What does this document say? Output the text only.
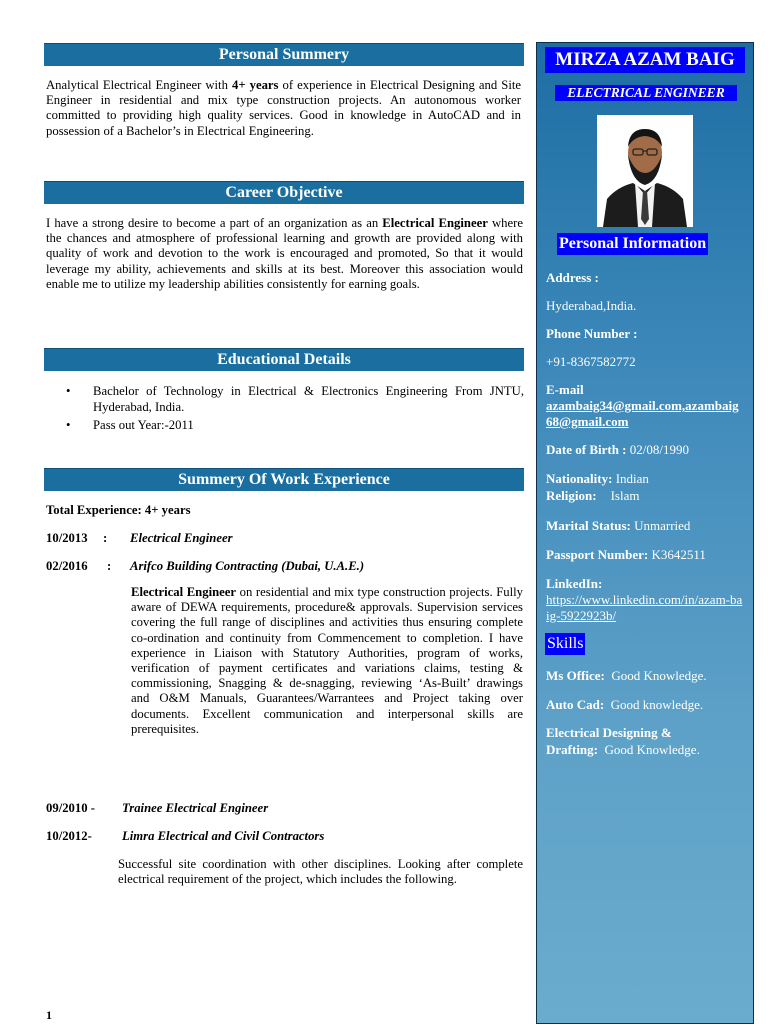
Personal Summery

Analytical Electrical Engineer with 4+ years of experience in Electrical Designing and Site Engineer in residential and mix type construction projects. An autonomous worker committed to providing high quality services. Good in knowledge in AutoCAD and in possession of a Bachelor’s in Electrical Engineering.

Career Objective

I have a strong desire to become a part of an organization as an Electrical Engineer where the chances and atmosphere of professional learning and growth are provided along with quality of work and devotion to the work is encouraged and promoted, So that it would leverage my ability, achievements and skills at its best. Moreover this association would enable me to utilize my leadership abilities consistently for earning goals.

Educational Details
• Bachelor of Technology in Electrical & Electronics Engineering From JNTU, Hyderabad, India.
• Pass out Year:-2011
Summery Of Work Experience
Total Experience: 4+ years
10/2013 : Electrical Engineer
02/2016 : Arifco Building Contracting (Dubai, U.A.E.)

Electrical Engineer on residential and mix type construction projects. Fully aware of DEWA requirements, procedure& approvals. Supervision services covering the full range of disciplines and activities thus ensuring complete co-ordination and continuity from Commencement to completion. I have experience in Liaison with Statutory Authorities, program of works, verification of payment certificates and variations claims, testing & commissioning, Snagging & de-snagging, reviewing ‘As-Built’ drawings and O&M Manuals, Guarantees/Warrantees and Project taking over documents. Excellent communication and interpersonal skills are prerequisites.

09/2010 - Trainee Electrical Engineer
10/2012- Limra Electrical and Civil Contractors

Successful site coordination with other disciplines. Looking after complete electrical requirement of the project, which includes the following.

1
MIRZA AZAM BAIG
ELECTRICAL ENGINEER
Personal Information
Address :
Hyderabad,India.
Phone Number :
+91-8367582772
E-mail
azambaig34@gmail.com,azambaig68@gmail.com
Date of Birth : 02/08/1990
Nationality: Indian
Religion: Islam
Marital Status: Unmarried
Passport Number: K3642511
LinkedIn:
https://www.linkedin.com/in/azam-baig-5922923b/
Skills
Ms Office:  Good Knowledge.
Auto Cad:  Good knowledge.
Electrical Designing &
Drafting:  Good Knowledge.
